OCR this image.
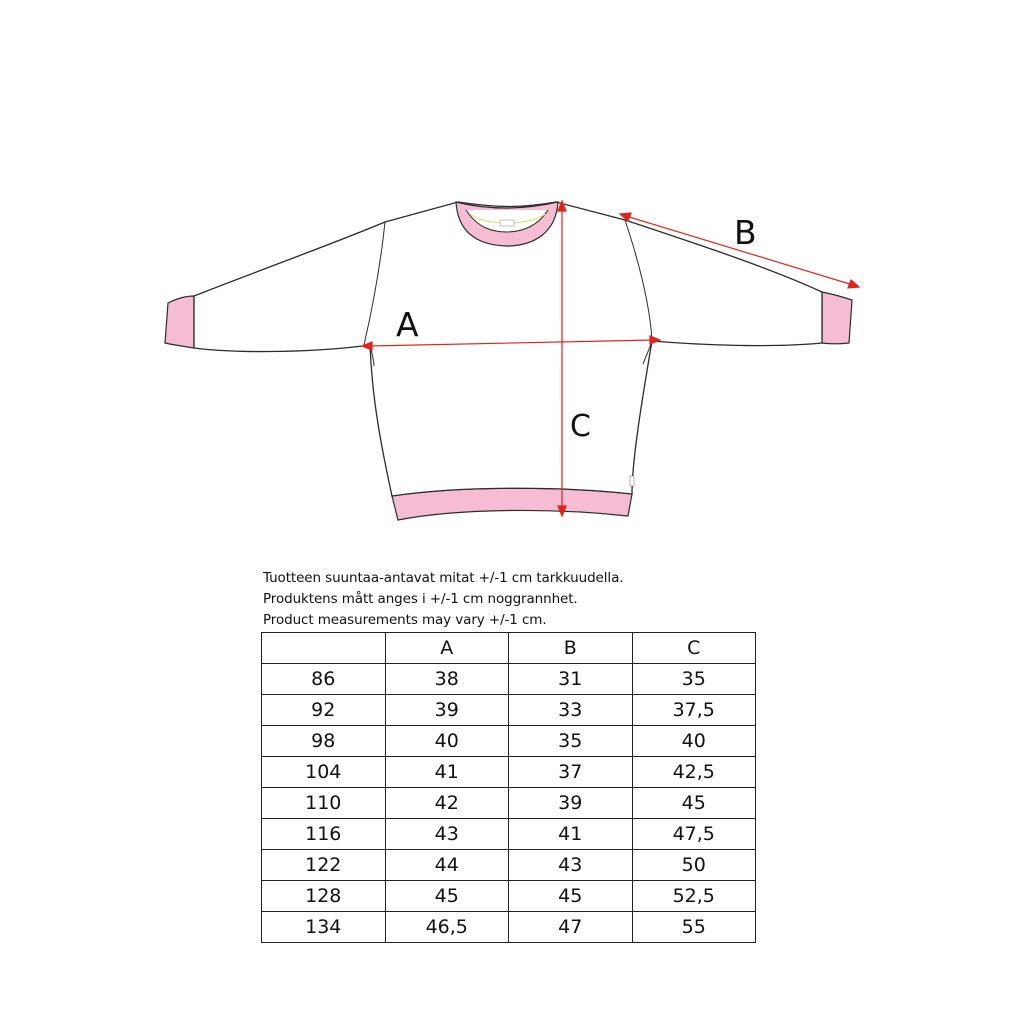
A
B
C
Tuotteen suuntaa-antavat mitat +/-1 cm tarkkuudella.
Produktens mått anges i +/-1 cm noggrannhet.
Product measurements may vary +/-1 cm.
	A	B	C
86	38	31	35
92	39	33	37,5
98	40	35	40
104	41	37	42,5
110	42	39	45
116	43	41	47,5
122	44	43	50
128	45	45	52,5
134	46,5	47	55
